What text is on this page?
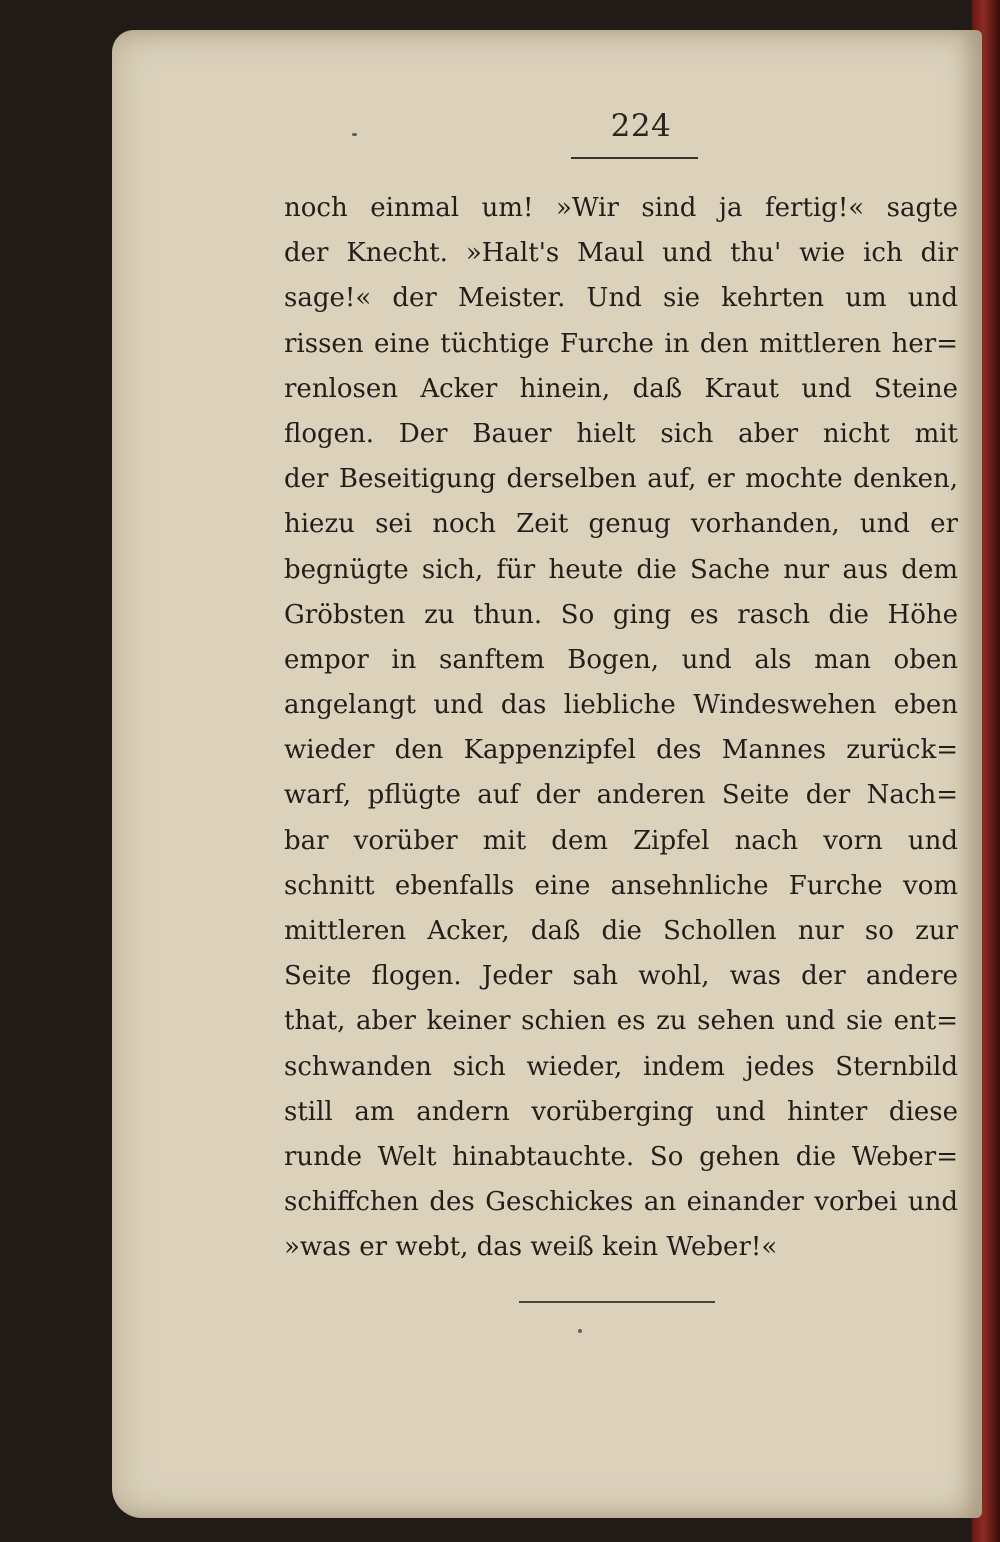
224
noch einmal um! »Wir sind ja fertig!« sagte
der Knecht. »Halt's Maul und thu' wie ich dir
sage!« der Meister. Und sie kehrten um und
rissen eine tüchtige Furche in den mittleren her=
renlosen Acker hinein, daß Kraut und Steine
flogen. Der Bauer hielt sich aber nicht mit
der Beseitigung derselben auf, er mochte denken,
hiezu sei noch Zeit genug vorhanden, und er
begnügte sich, für heute die Sache nur aus dem
Gröbsten zu thun. So ging es rasch die Höhe
empor in sanftem Bogen, und als man oben
angelangt und das liebliche Windeswehen eben
wieder den Kappenzipfel des Mannes zurück=
warf, pflügte auf der anderen Seite der Nach=
bar vorüber mit dem Zipfel nach vorn und
schnitt ebenfalls eine ansehnliche Furche vom
mittleren Acker, daß die Schollen nur so zur
Seite flogen. Jeder sah wohl, was der andere
that, aber keiner schien es zu sehen und sie ent=
schwanden sich wieder, indem jedes Sternbild
still am andern vorüberging und hinter diese
runde Welt hinabtauchte. So gehen die Weber=
schiffchen des Geschickes an einander vorbei und
»was er webt, das weiß kein Weber!«
